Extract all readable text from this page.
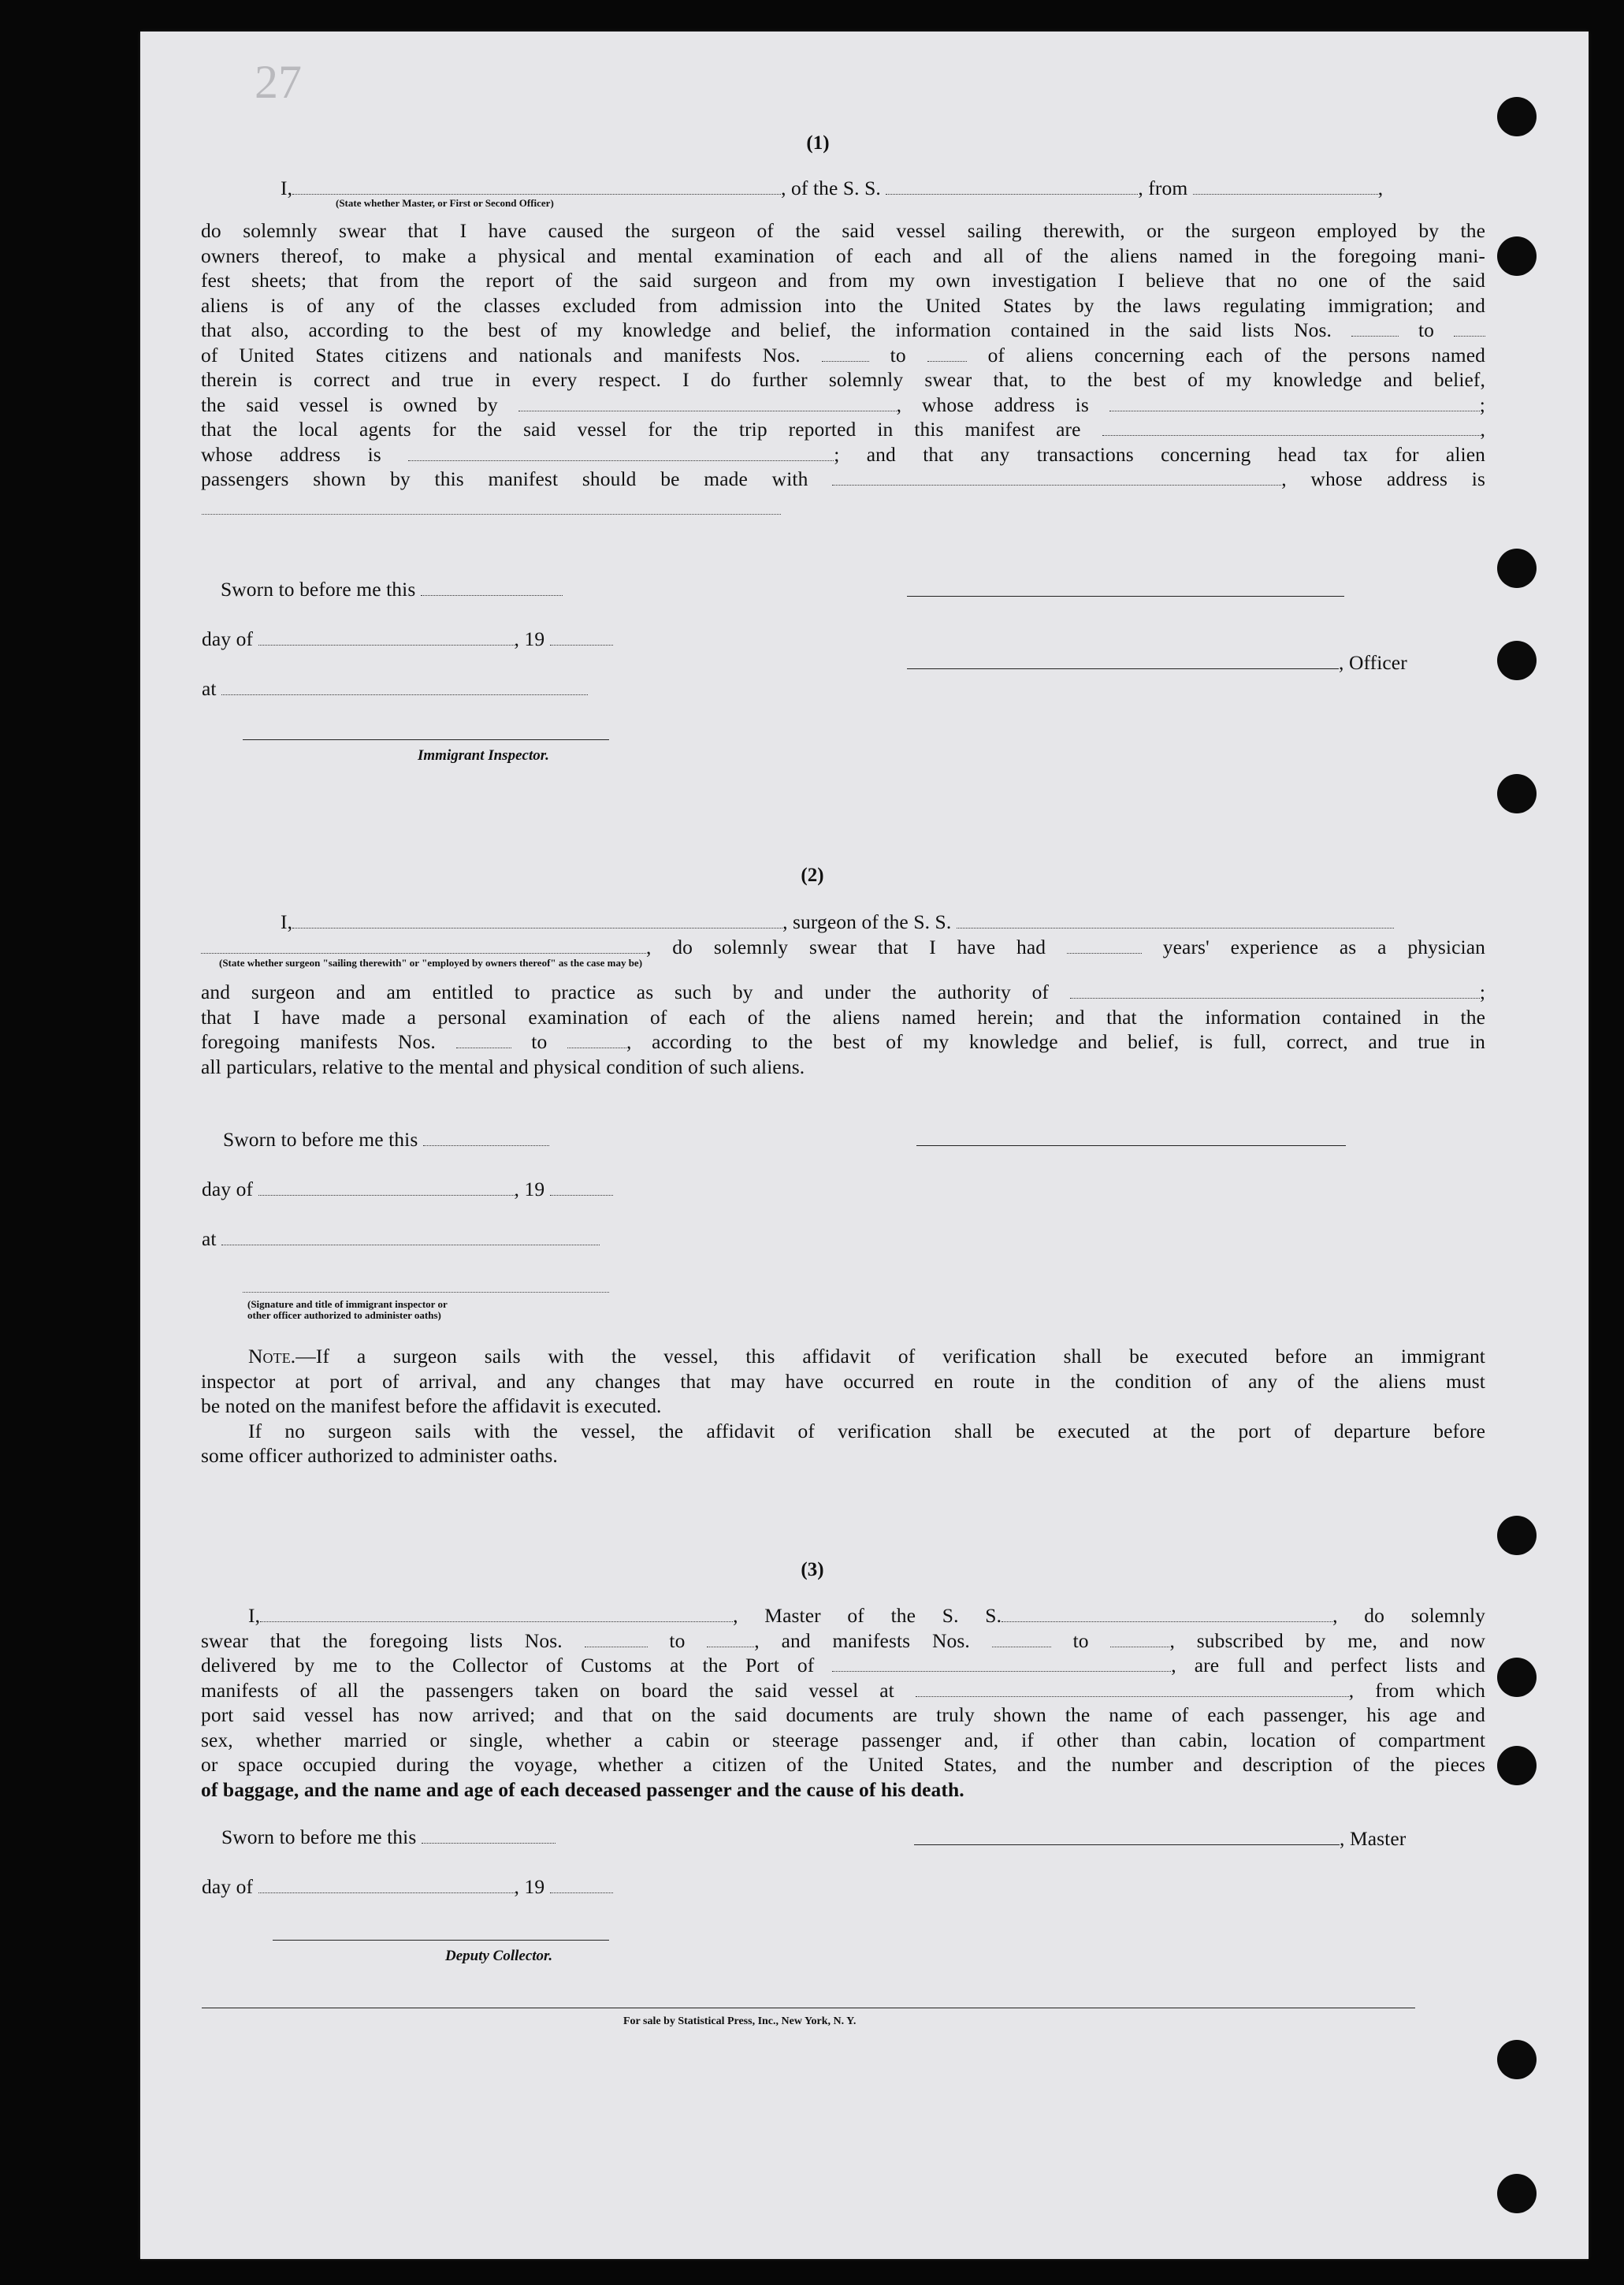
27
(1)
I,	, of the S. S.	, from	,
(State whether Master, or First or Second Officer)
do solemnly swear that I have caused the surgeon of the said vessel sailing therewith, or the surgeon employed by the
owners thereof, to make a physical and mental examination of each and all of the aliens named in the foregoing mani-
fest sheets; that from the report of the said surgeon and from my own investigation I believe that no one of the said
aliens is of any of the classes excluded from admission into the United States by the laws regulating immigration; and
that also, according to the best of my knowledge and belief, the information contained in the said lists Nos.	to
of United States citizens and nationals and manifests Nos.	to	of aliens concerning each of the persons named
therein is correct and true in every respect. I do further solemnly swear that, to the best of my knowledge and belief,
the said vessel is owned by	, whose address is	;
that the local agents for the said vessel for the trip reported in this manifest are	,
whose address is	; and that any transactions concerning head tax for alien
passengers shown by this manifest should be made with	, whose address is
Sworn to before me this
day of	, 19
at
Immigrant Inspector.
, Officer
(2)
I,	, surgeon of the S. S.
, do solemnly swear that I have had	years' experience as a physician
(State whether surgeon "sailing therewith" or "employed by owners thereof" as the case may be)
and surgeon and am entitled to practice as such by and under the authority of	;
that I have made a personal examination of each of the aliens named herein; and that the information contained in the
foregoing manifests Nos.	to	, according to the best of my knowledge and belief, is full, correct, and true in
all particulars, relative to the mental and physical condition of such aliens.
Sworn to before me this
day of	, 19
at
(Signature and title of immigrant inspector or
other officer authorized to administer oaths)
Note.—If a surgeon sails with the vessel, this affidavit of verification shall be executed before an immigrant
inspector at port of arrival, and any changes that may have occurred en route in the condition of any of the aliens must
be noted on the manifest before the affidavit is executed.
If no surgeon sails with the vessel, the affidavit of verification shall be executed at the port of departure before
some officer authorized to administer oaths.
(3)
I,	, Master of the S. S.	, do solemnly
swear that the foregoing lists Nos.	to	, and manifests Nos.	to	, subscribed by me, and now
delivered by me to the Collector of Customs at the Port of	, are full and perfect lists and
manifests of all the passengers taken on board the said vessel at	, from which
port said vessel has now arrived; and that on the said documents are truly shown the name of each passenger, his age and
sex, whether married or single, whether a cabin or steerage passenger and, if other than cabin, location of compartment
or space occupied during the voyage, whether a citizen of the United States, and the number and description of the pieces
of baggage, and the name and age of each deceased passenger and the cause of his death.
Sworn to before me this	, Master
day of	, 19
Deputy Collector.
For sale by Statistical Press, Inc., New York, N. Y.
